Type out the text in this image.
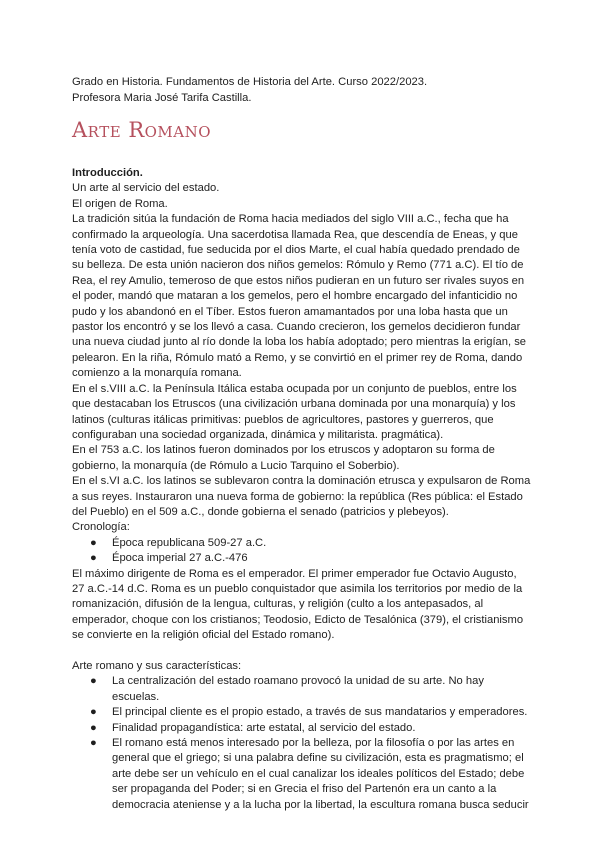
Grado en Historia. Fundamentos de Historia del Arte. Curso 2022/2023.
Profesora Maria José Tarifa Castilla.
Arte Romano

Introducción.

Un arte al servicio del estado.

El origen de Roma.

La tradición sitúa la fundación de Roma hacia mediados del siglo VIII a.C., fecha que ha confirmado la arqueología. Una sacerdotisa llamada Rea, que descendía de Eneas, y que tenía voto de castidad, fue seducida por el dios Marte, el cual había quedado prendado de su belleza. De esta unión nacieron dos niños gemelos: Rómulo y Remo (771 a.C). El tío de Rea, el rey Amulio, temeroso de que estos niños pudieran en un futuro ser rivales suyos en el poder, mandó que mataran a los gemelos, pero el hombre encargado del infanticidio no pudo y los abandonó en el Tíber. Estos fueron amamantados por una loba hasta que un pastor los encontró y se los llevó a casa. Cuando crecieron, los gemelos decidieron fundar una nueva ciudad junto al río donde la loba los había adoptado; pero mientras la erigían, se pelearon. En la riña, Rómulo mató a Remo, y se convirtió en el primer rey de Roma, dando comienzo a la monarquía romana.

En el s.VIII a.C. la Península Itálica estaba ocupada por un conjunto de pueblos, entre los que destacaban los Etruscos (una civilización urbana dominada por una monarquía) y los latinos (culturas itálicas primitivas: pueblos de agricultores, pastores y guerreros, que configuraban una sociedad organizada, dinámica y militarista. pragmática).

En el 753 a.C. los latinos fueron dominados por los etruscos y adoptaron su forma de gobierno, la monarquía (de Rómulo a Lucio Tarquino el Soberbio).

En el s.VI a.C. los latinos se sublevaron contra la dominación etrusca y expulsaron de Roma a sus reyes. Instauraron una nueva forma de gobierno: la república (Res pública: el Estado del Pueblo) en el 509 a.C., donde gobierna el senado (patricios y plebeyos).

Cronología:

● Época republicana 509-27 a.C.
● Época imperial 27 a.C.-476

El máximo dirigente de Roma es el emperador. El primer emperador fue Octavio Augusto, 27 a.C.-14 d.C. Roma es un pueblo conquistador que asimila los territorios por medio de la romanización, difusión de la lengua, culturas, y religión (culto a los antepasados, al emperador, choque con los cristianos; Teodosio, Edicto de Tesalónica (379), el cristianismo se convierte en la religión oficial del Estado romano).

Arte romano y sus características:

● La centralización del estado roamano provocó la unidad de su arte. No hay escuelas.
● El principal cliente es el propio estado, a través de sus mandatarios y emperadores.
● Finalidad propagandística: arte estatal, al servicio del estado.
● El romano está menos interesado por la belleza, por la filosofía o por las artes en general que el griego; si una palabra define su civilización, esta es pragmatismo; el arte debe ser un vehículo en el cual canalizar los ideales políticos del Estado; debe ser propaganda del Poder; si en Grecia el friso del Partenón era un canto a la democracia ateniense y a la lucha por la libertad, la escultura romana busca seducir
